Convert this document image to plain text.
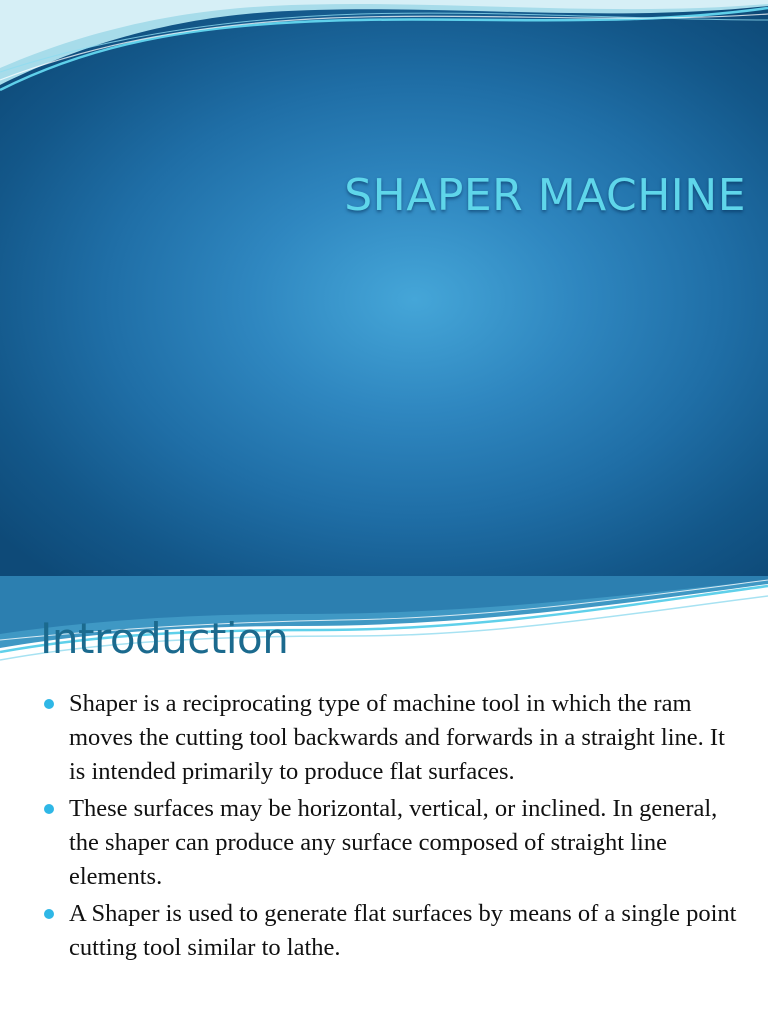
SHAPER MACHINE
Introduction
Shaper is a reciprocating type of machine tool in which the ram moves the cutting tool backwards and forwards in a straight line. It is intended primarily to produce flat surfaces.
These surfaces may be horizontal, vertical, or inclined. In general, the shaper can produce any surface composed of straight line elements.
A Shaper is used to generate flat surfaces by means of a single point cutting tool similar to lathe.
